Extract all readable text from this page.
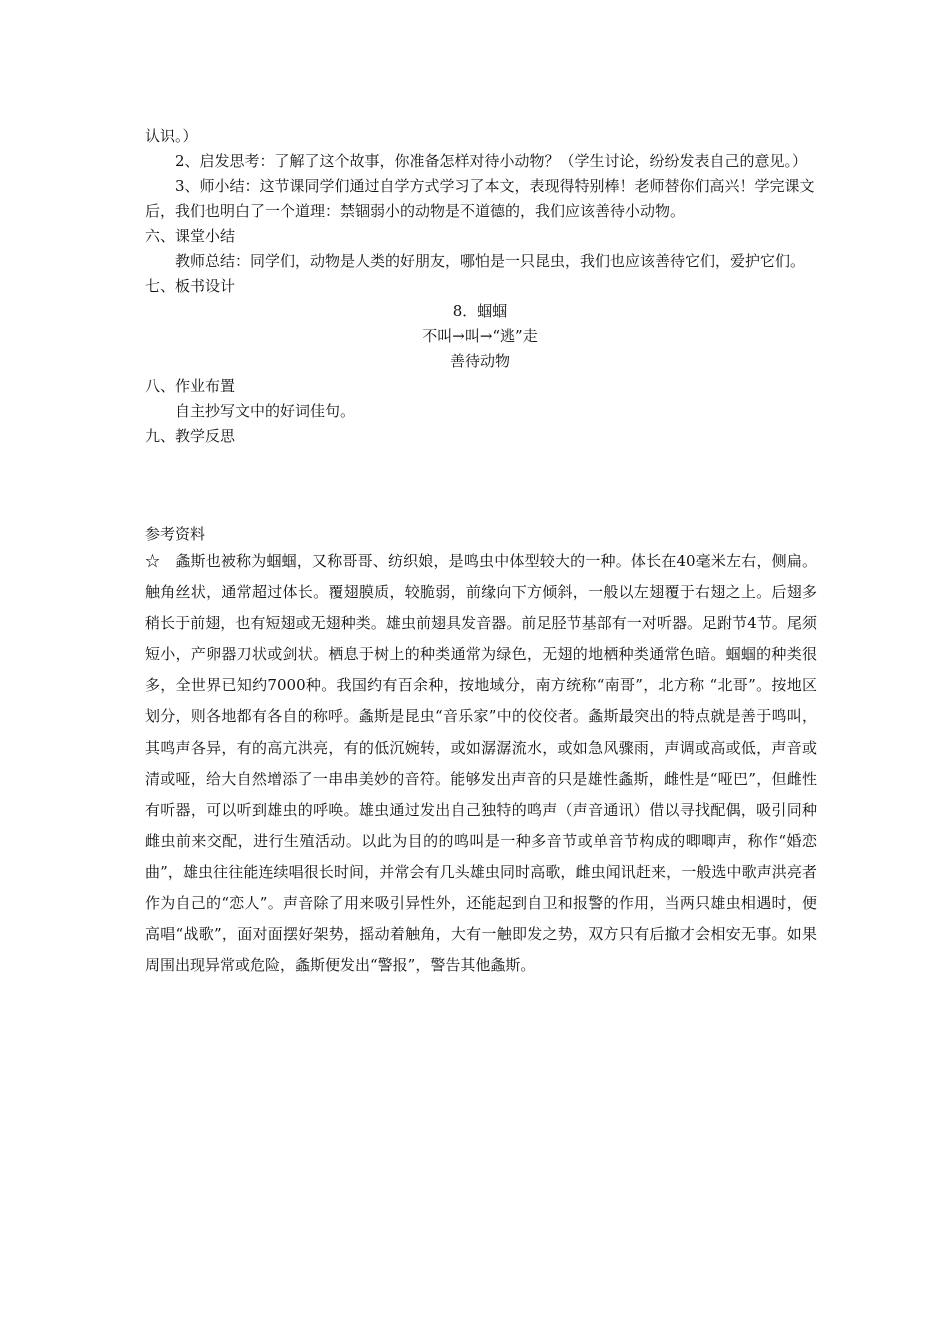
认识。）

2、启发思考：了解了这个故事，你准备怎样对待小动物？（学生讨论，纷纷发表自己的意见。）

3、师小结：这节课同学们通过自学方式学习了本文，表现得特别棒！老师替你们高兴！学完课文后，我们也明白了一个道理：禁锢弱小的动物是不道德的，我们应该善待小动物。

六、课堂小结

教师总结：同学们，动物是人类的好朋友，哪怕是一只昆虫，我们也应该善待它们，爱护它们。

七、板书设计

8．蝈蝈

不叫→叫→“逃”走

善待动物

八、作业布置

自主抄写文中的好词佳句。

九、教学反思

参考资料

☆　螽斯也被称为蝈蝈，又称哥哥、纺织娘，是鸣虫中体型较大的一种。体长在40毫米左右，侧扁。触角丝状，通常超过体长。覆翅膜质，较脆弱，前缘向下方倾斜，一般以左翅覆于右翅之上。后翅多稍长于前翅，也有短翅或无翅种类。雄虫前翅具发音器。前足胫节基部有一对听器。足跗节4节。尾须短小，产卵器刀状或剑状。栖息于树上的种类通常为绿色，无翅的地栖种类通常色暗。蝈蝈的种类很多，全世界已知约7000种。我国约有百余种，按地域分，南方统称“南哥”，北方称 “北哥”。按地区划分，则各地都有各自的称呼。螽斯是昆虫“音乐家”中的佼佼者。螽斯最突出的特点就是善于鸣叫，其鸣声各异，有的高亢洪亮，有的低沉婉转，或如潺潺流水，或如急风骤雨，声调或高或低，声音或清或哑，给大自然增添了一串串美妙的音符。能够发出声音的只是雄性螽斯，雌性是“哑巴”，但雌性有听器，可以听到雄虫的呼唤。雄虫通过发出自己独特的鸣声（声音通讯）借以寻找配偶，吸引同种雌虫前来交配，进行生殖活动。以此为目的的鸣叫是一种多音节或单音节构成的唧唧声，称作“婚恋曲”，雄虫往往能连续唱很长时间，并常会有几头雄虫同时高歌，雌虫闻讯赶来，一般选中歌声洪亮者作为自己的“恋人”。声音除了用来吸引异性外，还能起到自卫和报警的作用，当两只雄虫相遇时，便高唱“战歌”，面对面摆好架势，摇动着触角，大有一触即发之势，双方只有后撤才会相安无事。如果周围出现异常或危险，螽斯便发出“警报”，警告其他螽斯。
